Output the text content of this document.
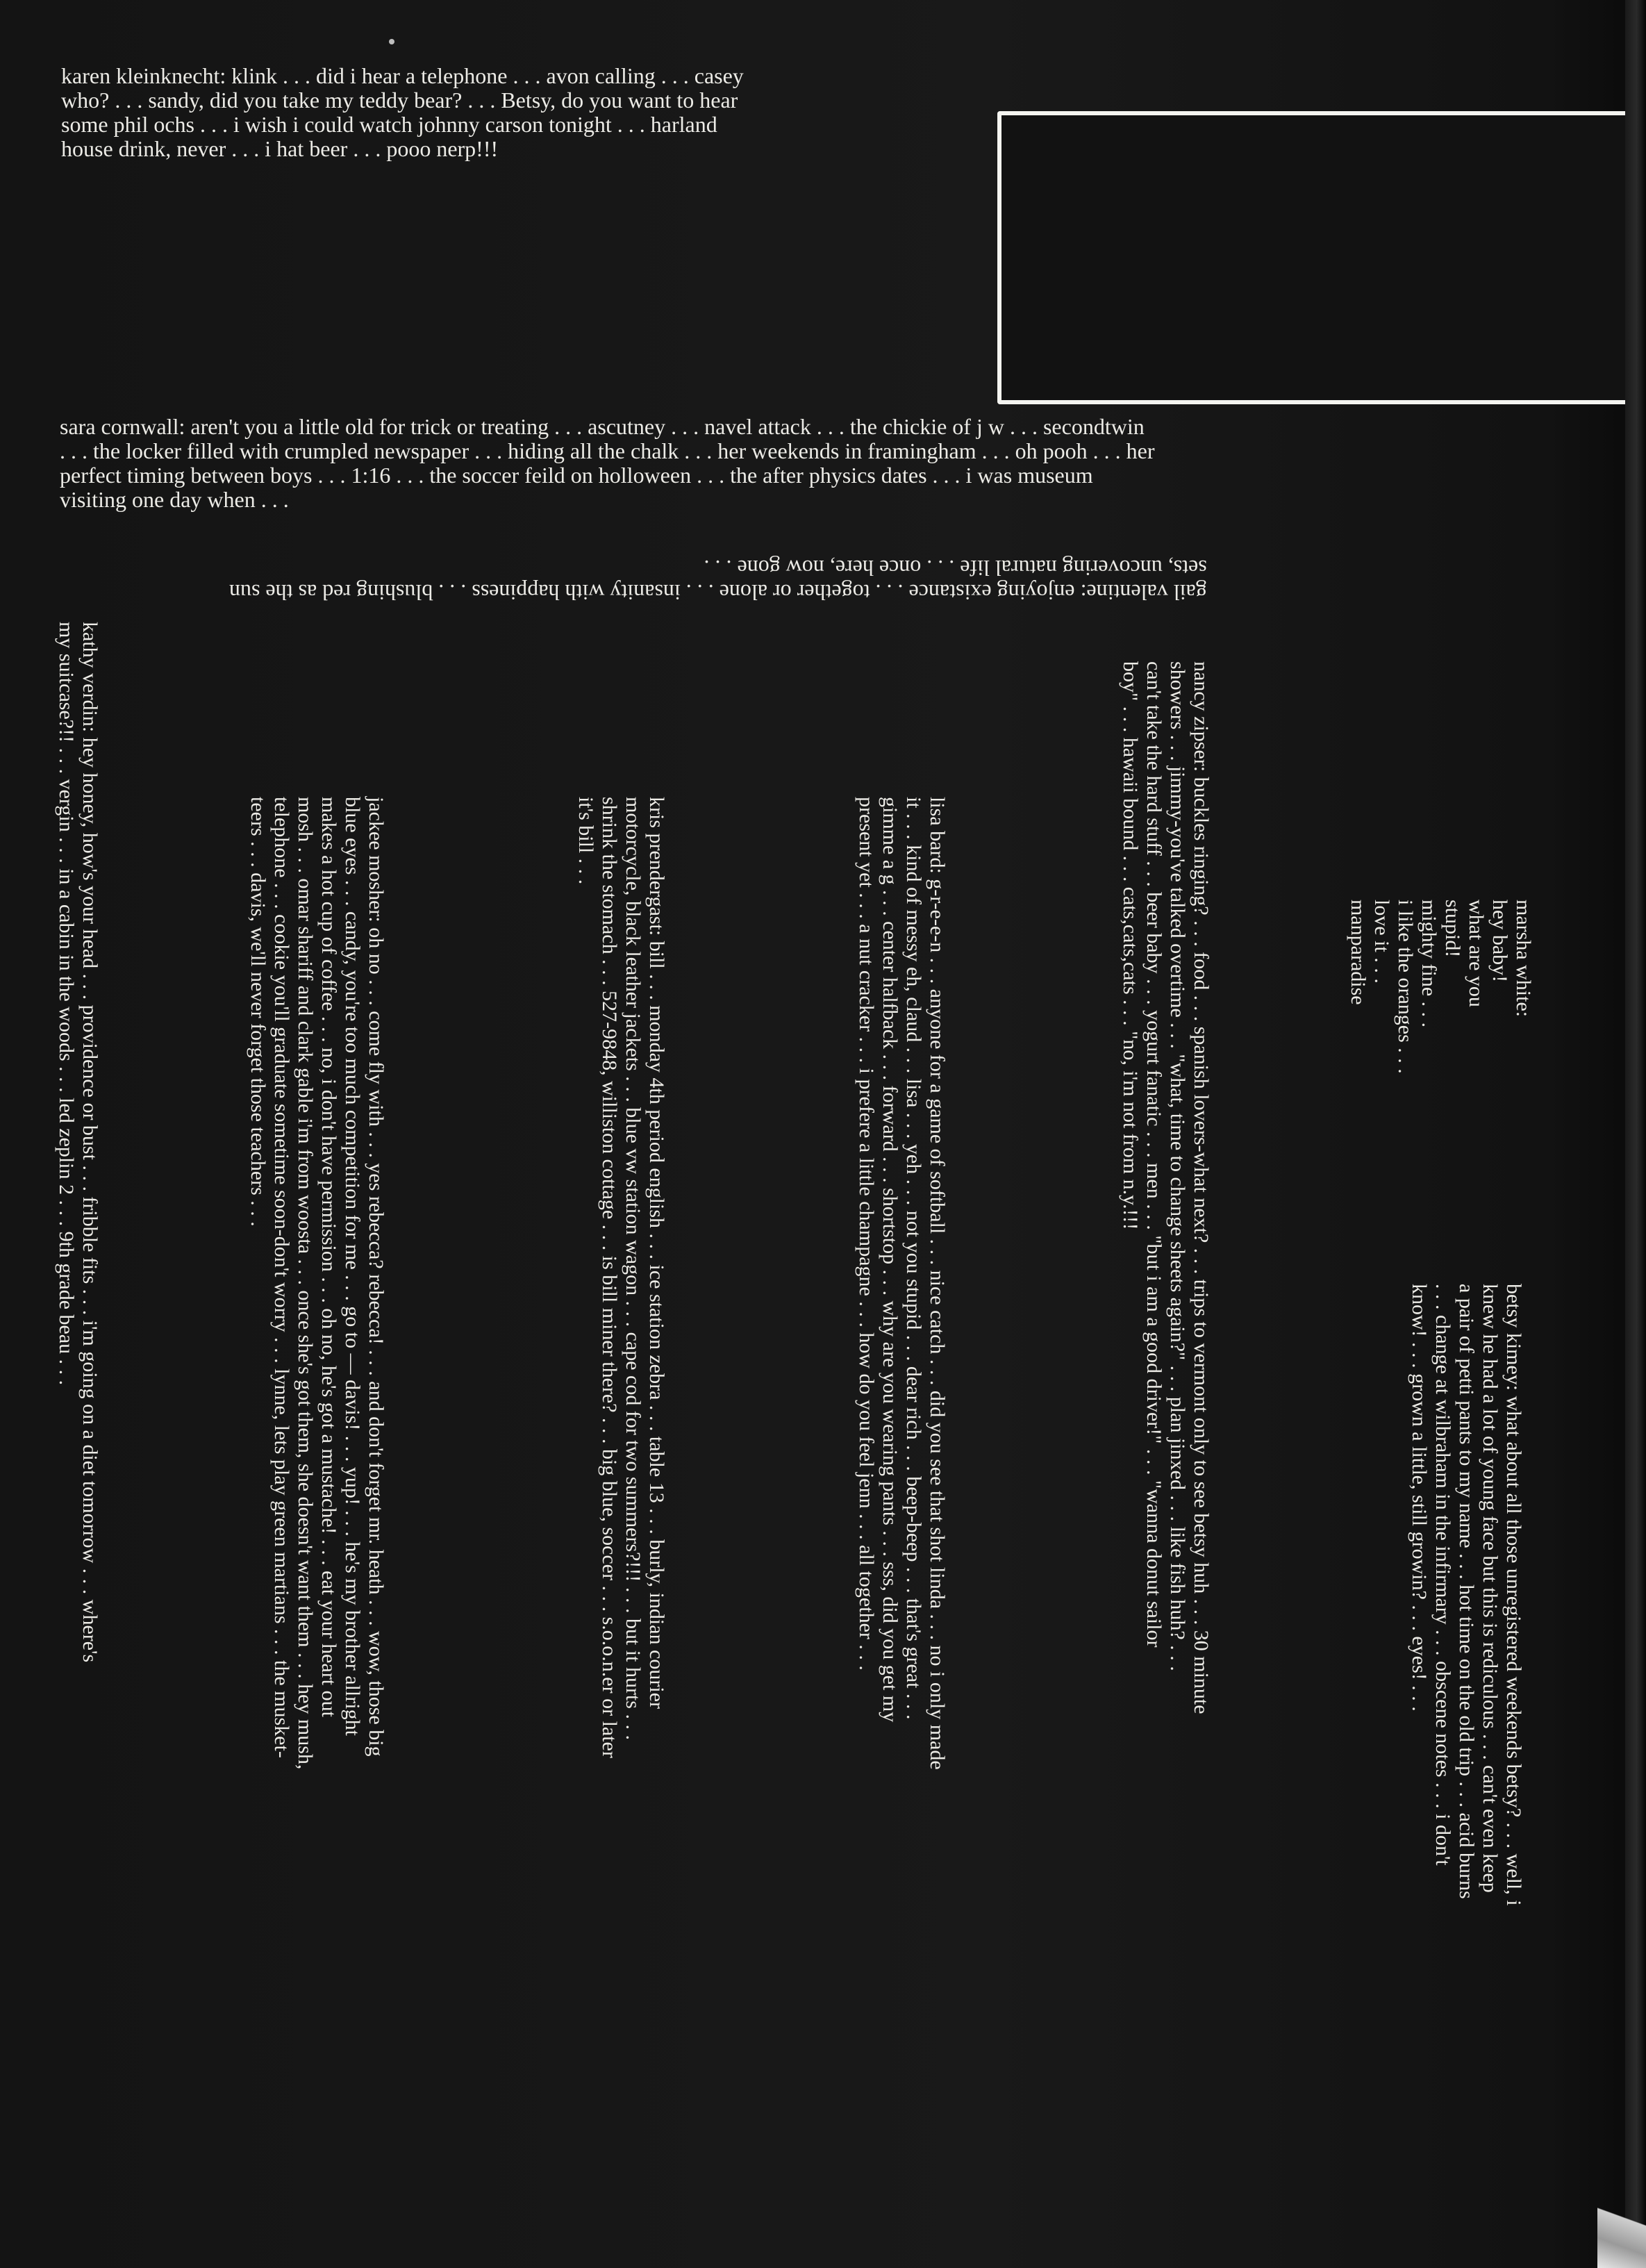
karen kleinknecht: klink . . . did i hear a telephone . . . avon calling . . . casey
who? . . . sandy, did you take my teddy bear? . . . Betsy, do you want to hear
some phil ochs . . . i wish i could watch johnny carson tonight . . . harland
house drink, never . . . i hat beer . . . pooo nerp!!!
sara cornwall: aren't you a little old for trick or treating . . . ascutney . . . navel attack . . . the chickie of j w . . . secondtwin
. . . the locker filled with crumpled newspaper . . . hiding all the chalk . . . her weekends in framingham . . . oh pooh . . . her
perfect timing between boys . . . 1:16 . . . the soccer feild on holloween . . . the after physics dates . . . i was museum
visiting one day when . . .
gail valentine: enjoying existance . . . together or alone . . . insanity with happiness . . . blushing red as the sun
sets, uncovering natural life . . . once here, now gone . . .
betsy kimey: what about all those unregistered weekends betsy? . . . well, i
knew he had a lot of young face but this is rediculous . . . can't even keep
a pair of petti pants to my name . . . hot time on the old trip . . . acid burns
. . . change at wilbraham in the infirmary . . . obscene notes . . . i don't
know! . . . grown a little, still growin? . . . eyes! . . .
marsha white:
hey baby!
what are you
stupid!
mighty fine . . .
i like the oranges . . .
love it . . .
manparadise
nancy zipser: buckles ringing? . . . food . . . spanish lovers-what next? . . . trips to vermont only to see betsy huh . . . 30 minute
showers . . . jimmy-you've talked overtime . . . "what, time to change sheets again?" . . . plan jinxed . . . like fish huh? . . .
can't take the hard stuff . . . beer baby . . . yogurt fanatic . . . men . . . "but i am a good driver!" . . . "wanna donut sailor
boy" . . . hawaii bound . . . cats,cats,cats . . . "no, i'm not from n.y.!!!
lisa bard: g-r-e-e-n . . . anyone for a game of softball . . . nice catch . . . did you see that shot linda . . . no i only made
it . . . kind of messy eh, claud . . . lisa . . . yeh . . . not you stupid . . . dear rich . . . beep-beep . . . that's great . . .
gimme a g . . . center halfback . . . forward . . . shortstop . . . why are you wearing pants . . . sss, did you get my
present yet . . . a nut cracker . . . i prefere a little champagne . . . how do you feel jenn . . . all together . . .
kris prendergast: bill . . . monday 4th period english . . . ice station zebra . . . table 13 . . . burly, indian courier
motorcycle, black leather jackets . . . blue vw station wagon . . . cape cod for two summers?!!! . . . but it hurts . . .
shrink the stomach . . . 527-9848, williston cottage . . . is bill miner there? . . . big blue, soccer . . . s.o.o.n.er or later
it's bill . . .
jackee mosher: oh no . . . come fly with . . . yes rebecca? rebecca! . . . and don't forget mr. heath . . . wow, those big
blue eyes . . . candy, you're too much competition for me . . . go to — davis! . . . yup! . . . he's my brother allright
makes a hot cup of coffee . . . no, i don't have permission . . . oh no, he's got a mustache! . . . eat your heart out
mosh . . . omar shariff and clark gable i'm from woosta . . . once she's got them, she doesn't want them . . . hey mush,
telephone . . . cookie you'll graduate sometime soon-don't worry . . . lynne, lets play green martians . . . the musket-
teers . . . davis, we'll never forget those teachers . . .
kathy verdin: hey honey, how's your head . . . providence or bust . . . fribble fits . . . i'm going on a diet tomorrow . . . where's
my suitcase?!! . . . vergin . . . in a cabin in the woods . . . led zeplin 2 . . . 9th grade beau . . .
